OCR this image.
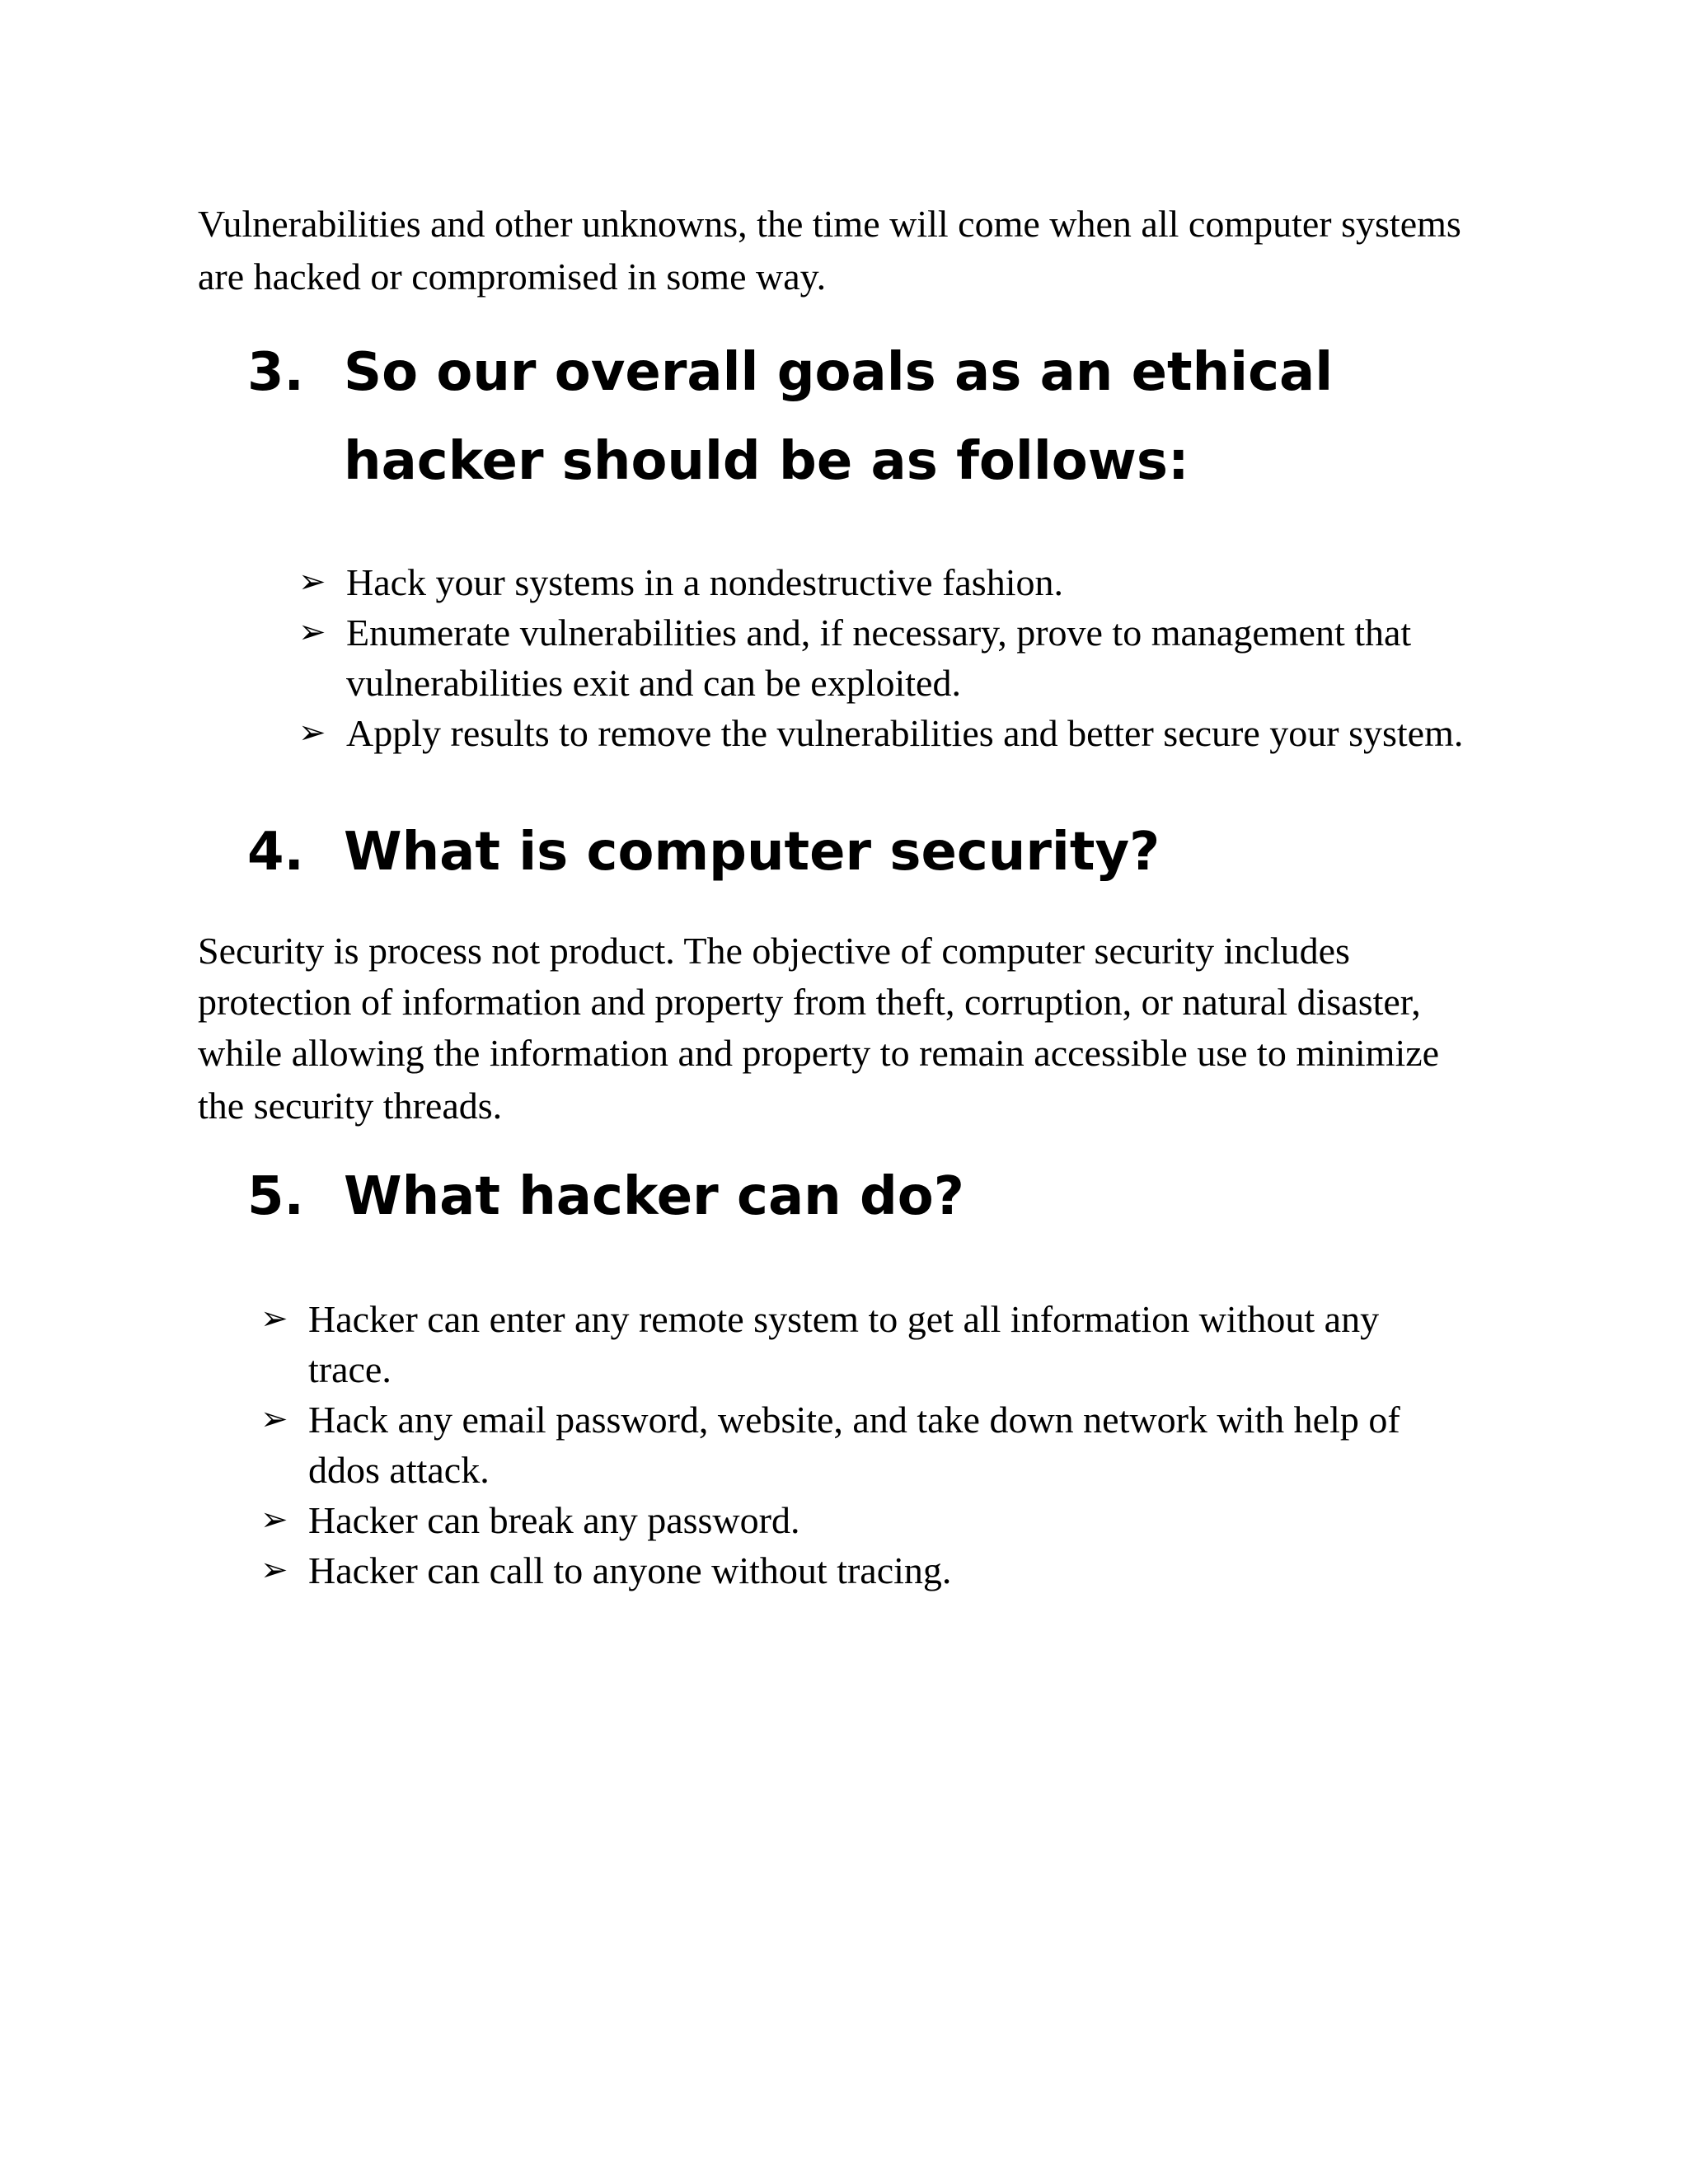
Vulnerabilities and other unknowns, the time will come when all computer systems

are hacked or compromised in some way.

3. So our overall goals as an ethical
hacker should be as follows:
➢ Hack your systems in a nondestructive fashion.
➢ Enumerate vulnerabilities and, if necessary, prove to management that
vulnerabilities exit and can be exploited.
➢ Apply results to remove the vulnerabilities and better secure your system.
4. What is computer security?

Security is process not product. The objective of computer security includes

protection of information and property from theft, corruption, or natural disaster,

while allowing the information and property to remain accessible use to minimize

the security threads.

5. What hacker can do?
➢ Hacker can enter any remote system to get all information without any
trace.
➢ Hack any email password, website, and take down network with help of
ddos attack.
➢ Hacker can break any password.
➢ Hacker can call to anyone without tracing.
